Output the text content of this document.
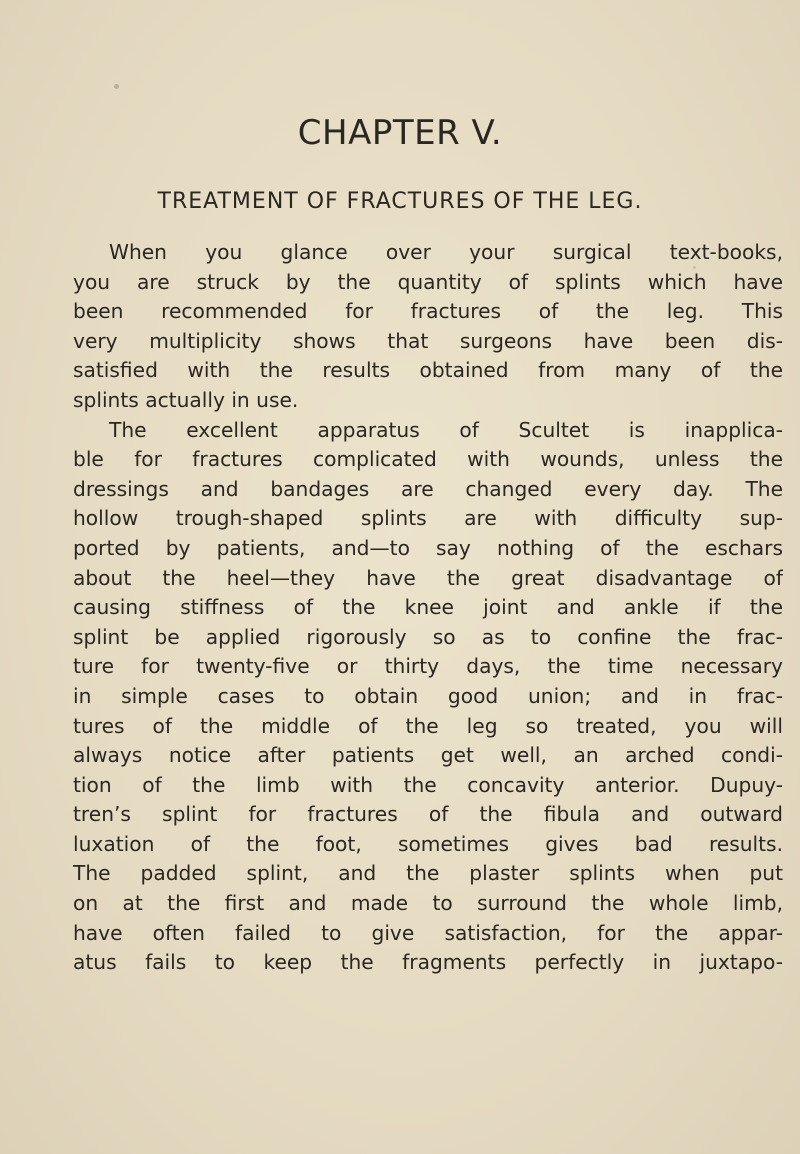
CHAPTER V.
TREATMENT OF FRACTURES OF THE LEG.
When you glance over your surgical text-books,
you are struck by the quantity of splints which have
been recommended for fractures of the leg. This
very multiplicity shows that surgeons have been dis-
satisfied with the results obtained from many of the
splints actually in use.
The excellent apparatus of Scultet is inapplica-
ble for fractures complicated with wounds, unless the
dressings and bandages are changed every day. The
hollow trough-shaped splints are with difficulty sup-
ported by patients, and—to say nothing of the eschars
about the heel—they have the great disadvantage of
causing stiffness of the knee joint and ankle if the
splint be applied rigorously so as to confine the frac-
ture for twenty-five or thirty days, the time necessary
in simple cases to obtain good union; and in frac-
tures of the middle of the leg so treated, you will
always notice after patients get well, an arched condi-
tion of the limb with the concavity anterior. Dupuy-
tren’s splint for fractures of the fibula and outward
luxation of the foot, sometimes gives bad results.
The padded splint, and the plaster splints when put
on at the first and made to surround the whole limb,
have often failed to give satisfaction, for the appar-
atus fails to keep the fragments perfectly in juxtapo-
